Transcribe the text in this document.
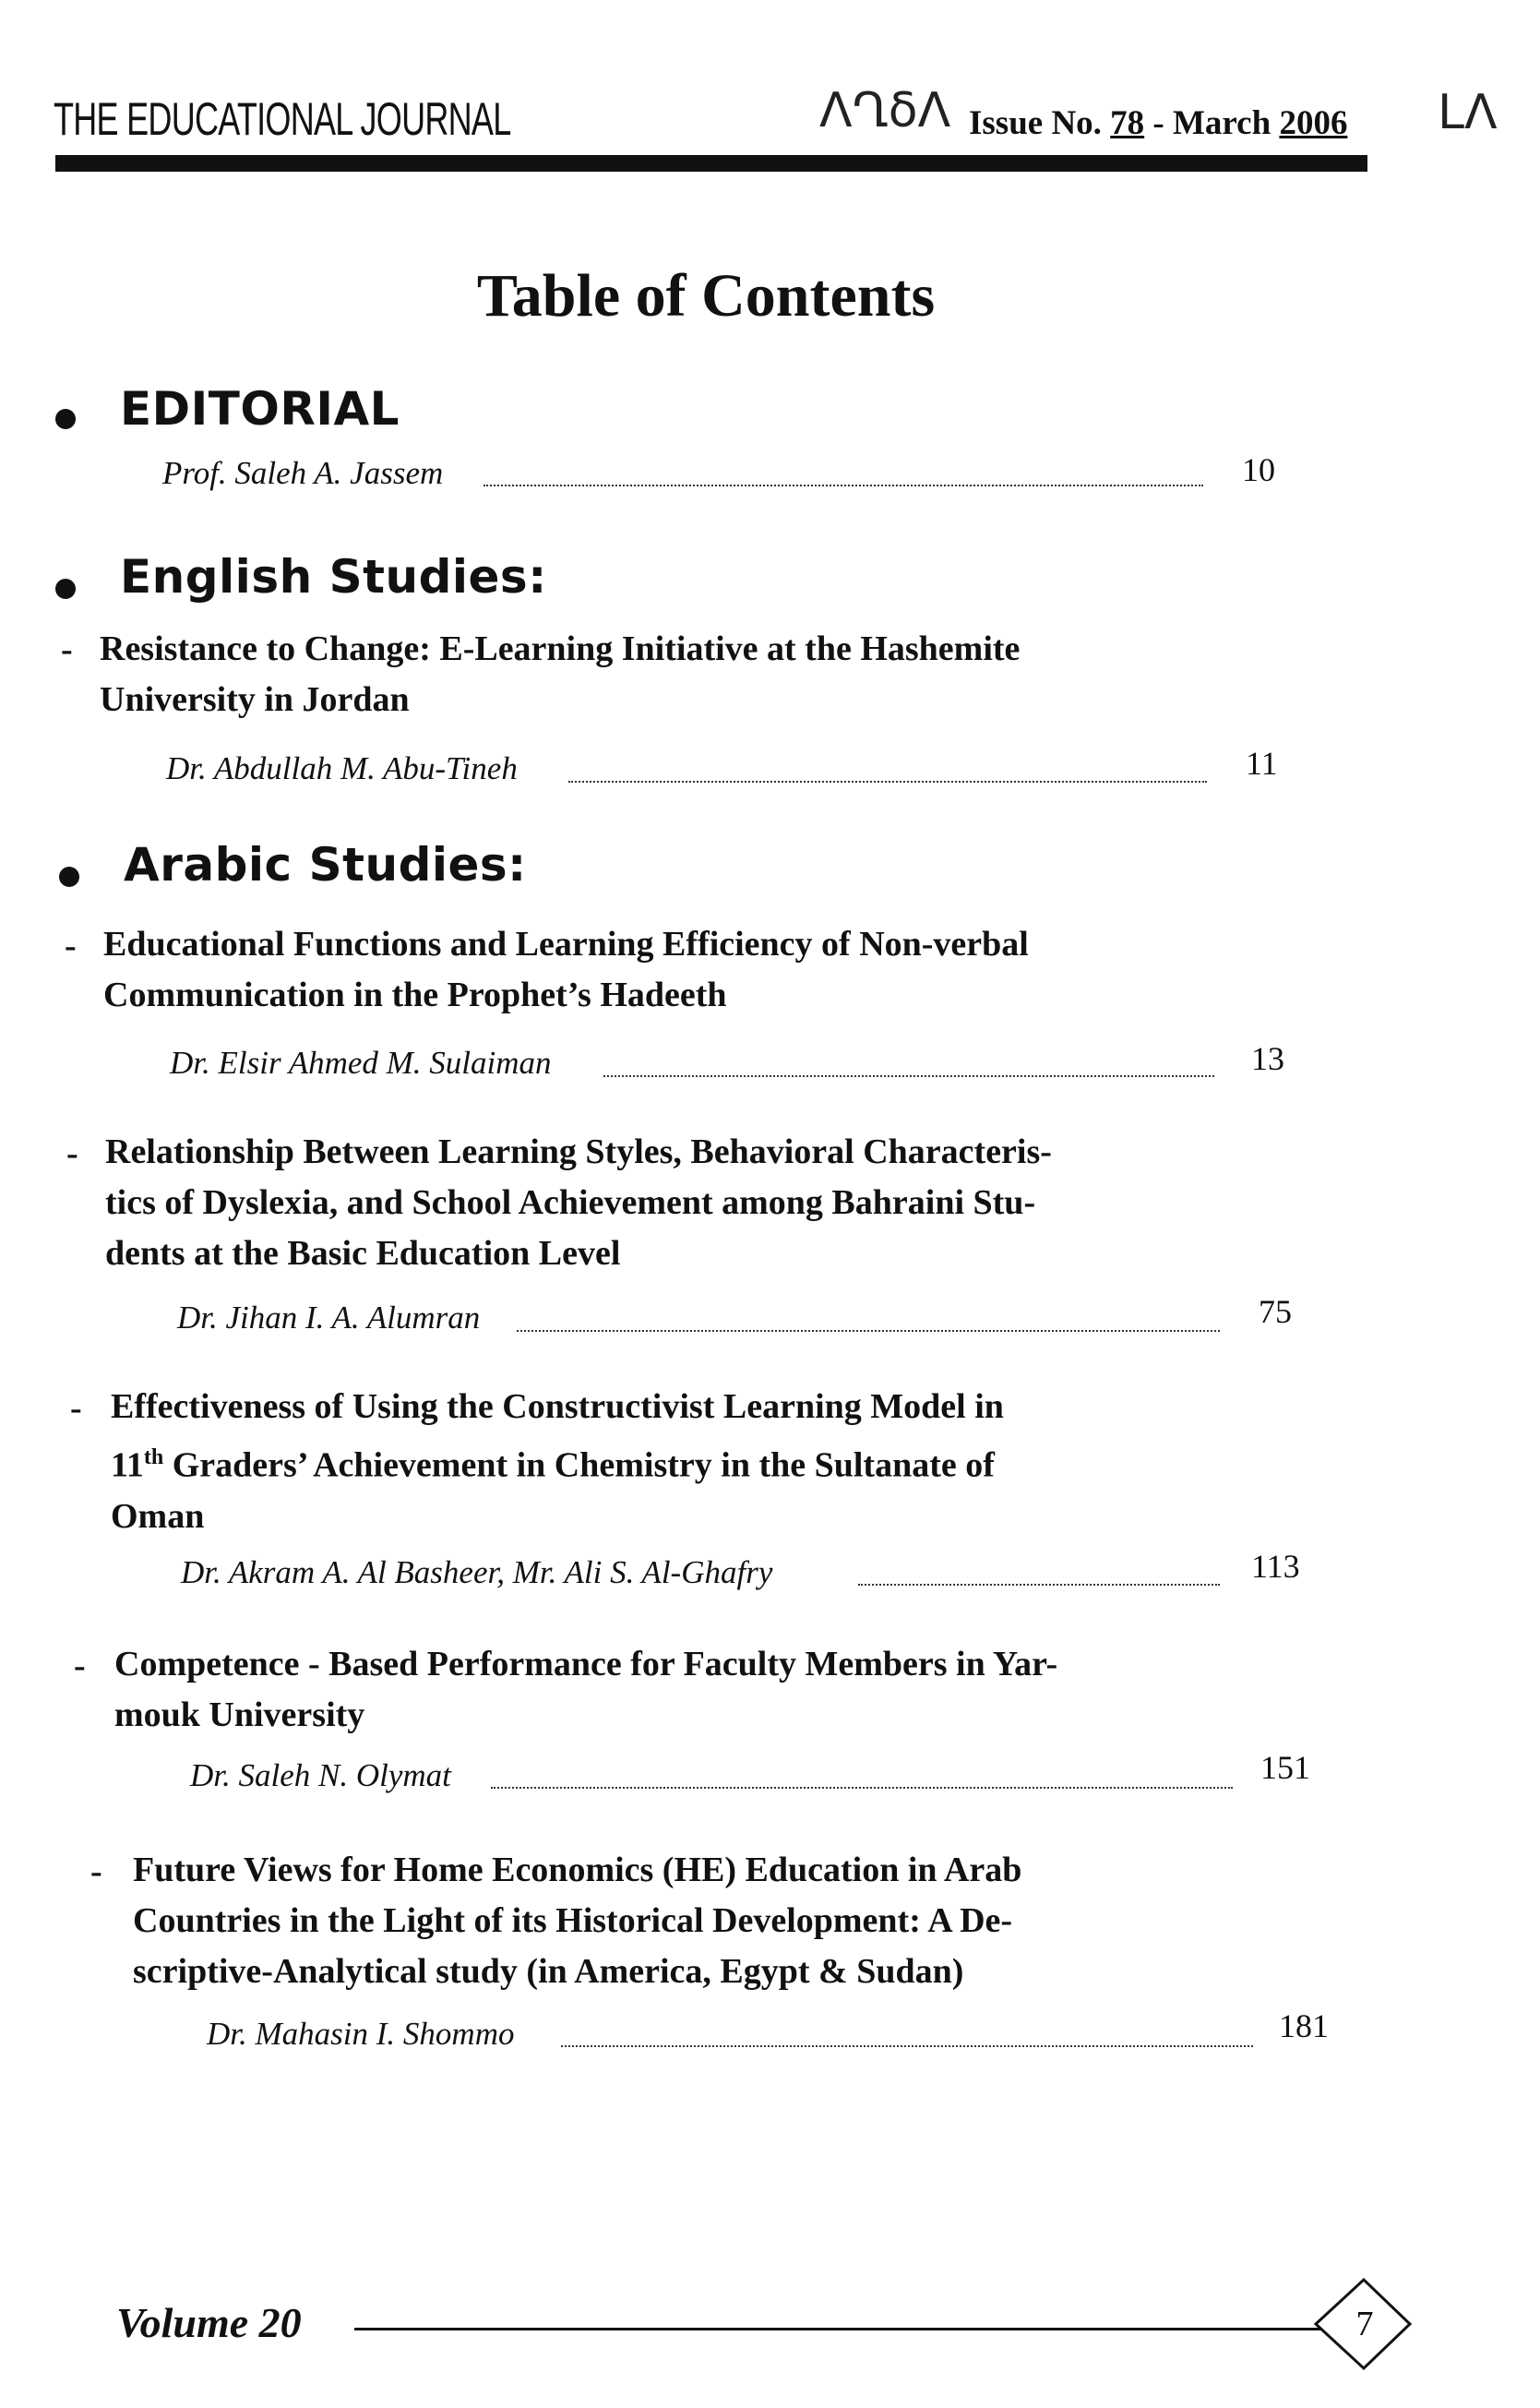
THE EDUCATIONAL JOURNAL	ΛՂδΛ Issue No. 78 - March 2006 LΛ
Table of Contents
EDITORIAL
Prof. Saleh A. Jassem	10
English Studies:
- Resistance to Change: E-Learning Initiative at the Hashemite
University in Jordan
Dr. Abdullah M. Abu-Tineh	11
Arabic Studies:
- Educational Functions and Learning Efficiency of Non-verbal
Communication in the Prophet’s Hadeeth
Dr. Elsir Ahmed M. Sulaiman	13
- Relationship Between Learning Styles, Behavioral Characteris-
tics of Dyslexia, and School Achievement among Bahraini Stu-
dents at the Basic Education Level
Dr. Jihan I. A. Alumran	75
- Effectiveness of Using the Constructivist Learning Model in
11th Graders’ Achievement in Chemistry in the Sultanate of
Oman
Dr. Akram A. Al Basheer, Mr. Ali S. Al-Ghafry	113
- Competence - Based Performance for Faculty Members in Yar-
mouk University
Dr. Saleh N. Olymat	151
- Future Views for Home Economics (HE) Education in Arab
Countries in the Light of its Historical Development: A De-
scriptive-Analytical study (in America, Egypt & Sudan)
Dr. Mahasin I. Shommo	181
Volume 20	7
